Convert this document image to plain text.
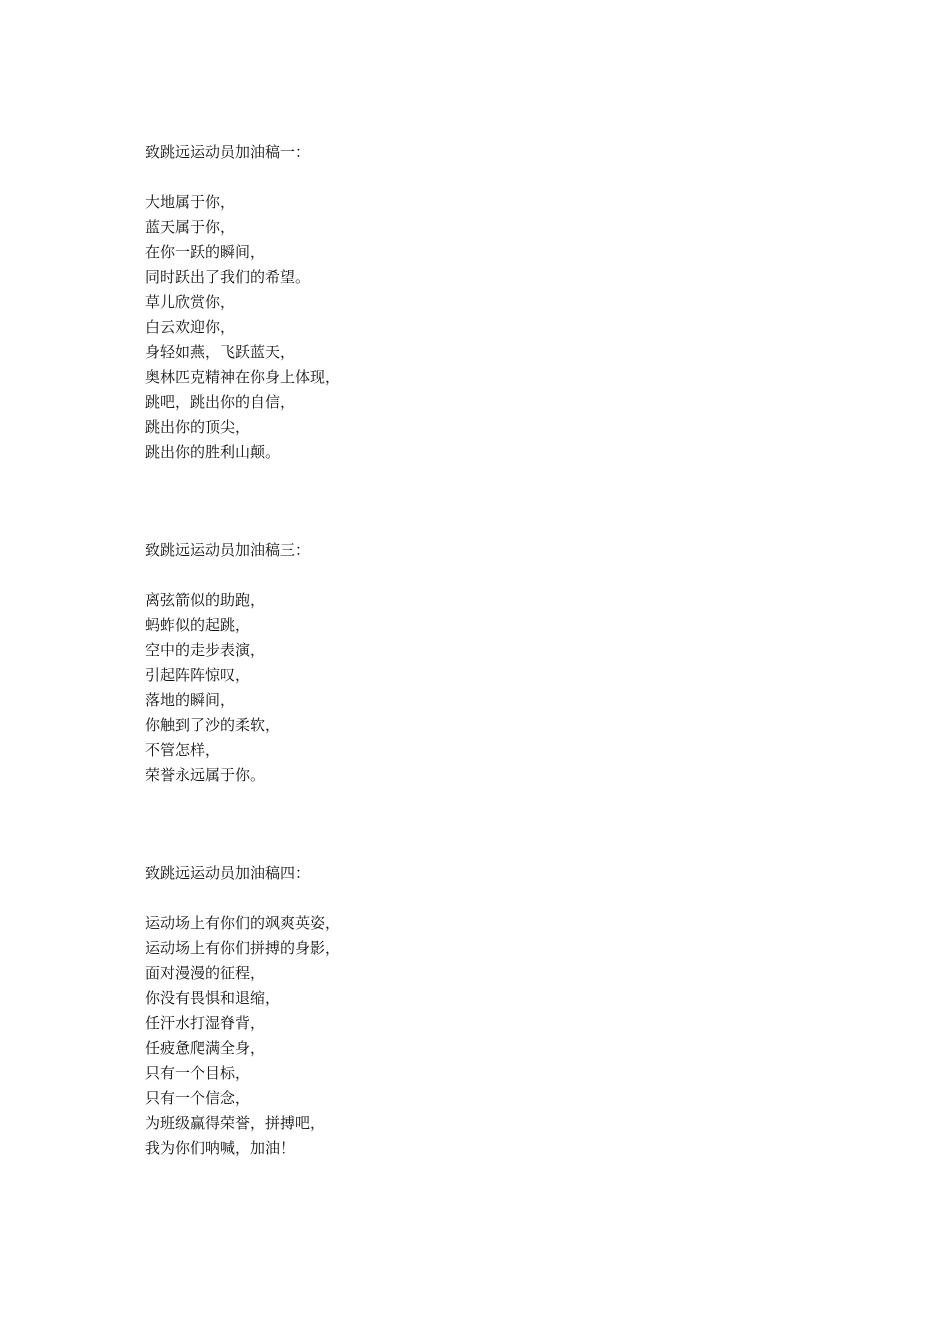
致跳远运动员加油稿一：
大地属于你，
蓝天属于你，
在你一跃的瞬间，
同时跃出了我们的希望。
草儿欣赏你，
白云欢迎你，
身轻如燕，飞跃蓝天，
奥林匹克精神在你身上体现，
跳吧，跳出你的自信，
跳出你的顶尖，
跳出你的胜利山颠。
致跳远运动员加油稿三：
离弦箭似的助跑，
蚂蚱似的起跳，
空中的走步表演，
引起阵阵惊叹，
落地的瞬间，
你触到了沙的柔软，
不管怎样，
荣誉永远属于你。
致跳远运动员加油稿四：
运动场上有你们的飒爽英姿，
运动场上有你们拼搏的身影，
面对漫漫的征程，
你没有畏惧和退缩，
任汗水打湿脊背，
任疲惫爬满全身，
只有一个目标，
只有一个信念，
为班级赢得荣誉，拼搏吧，
我为你们呐喊，加油！
